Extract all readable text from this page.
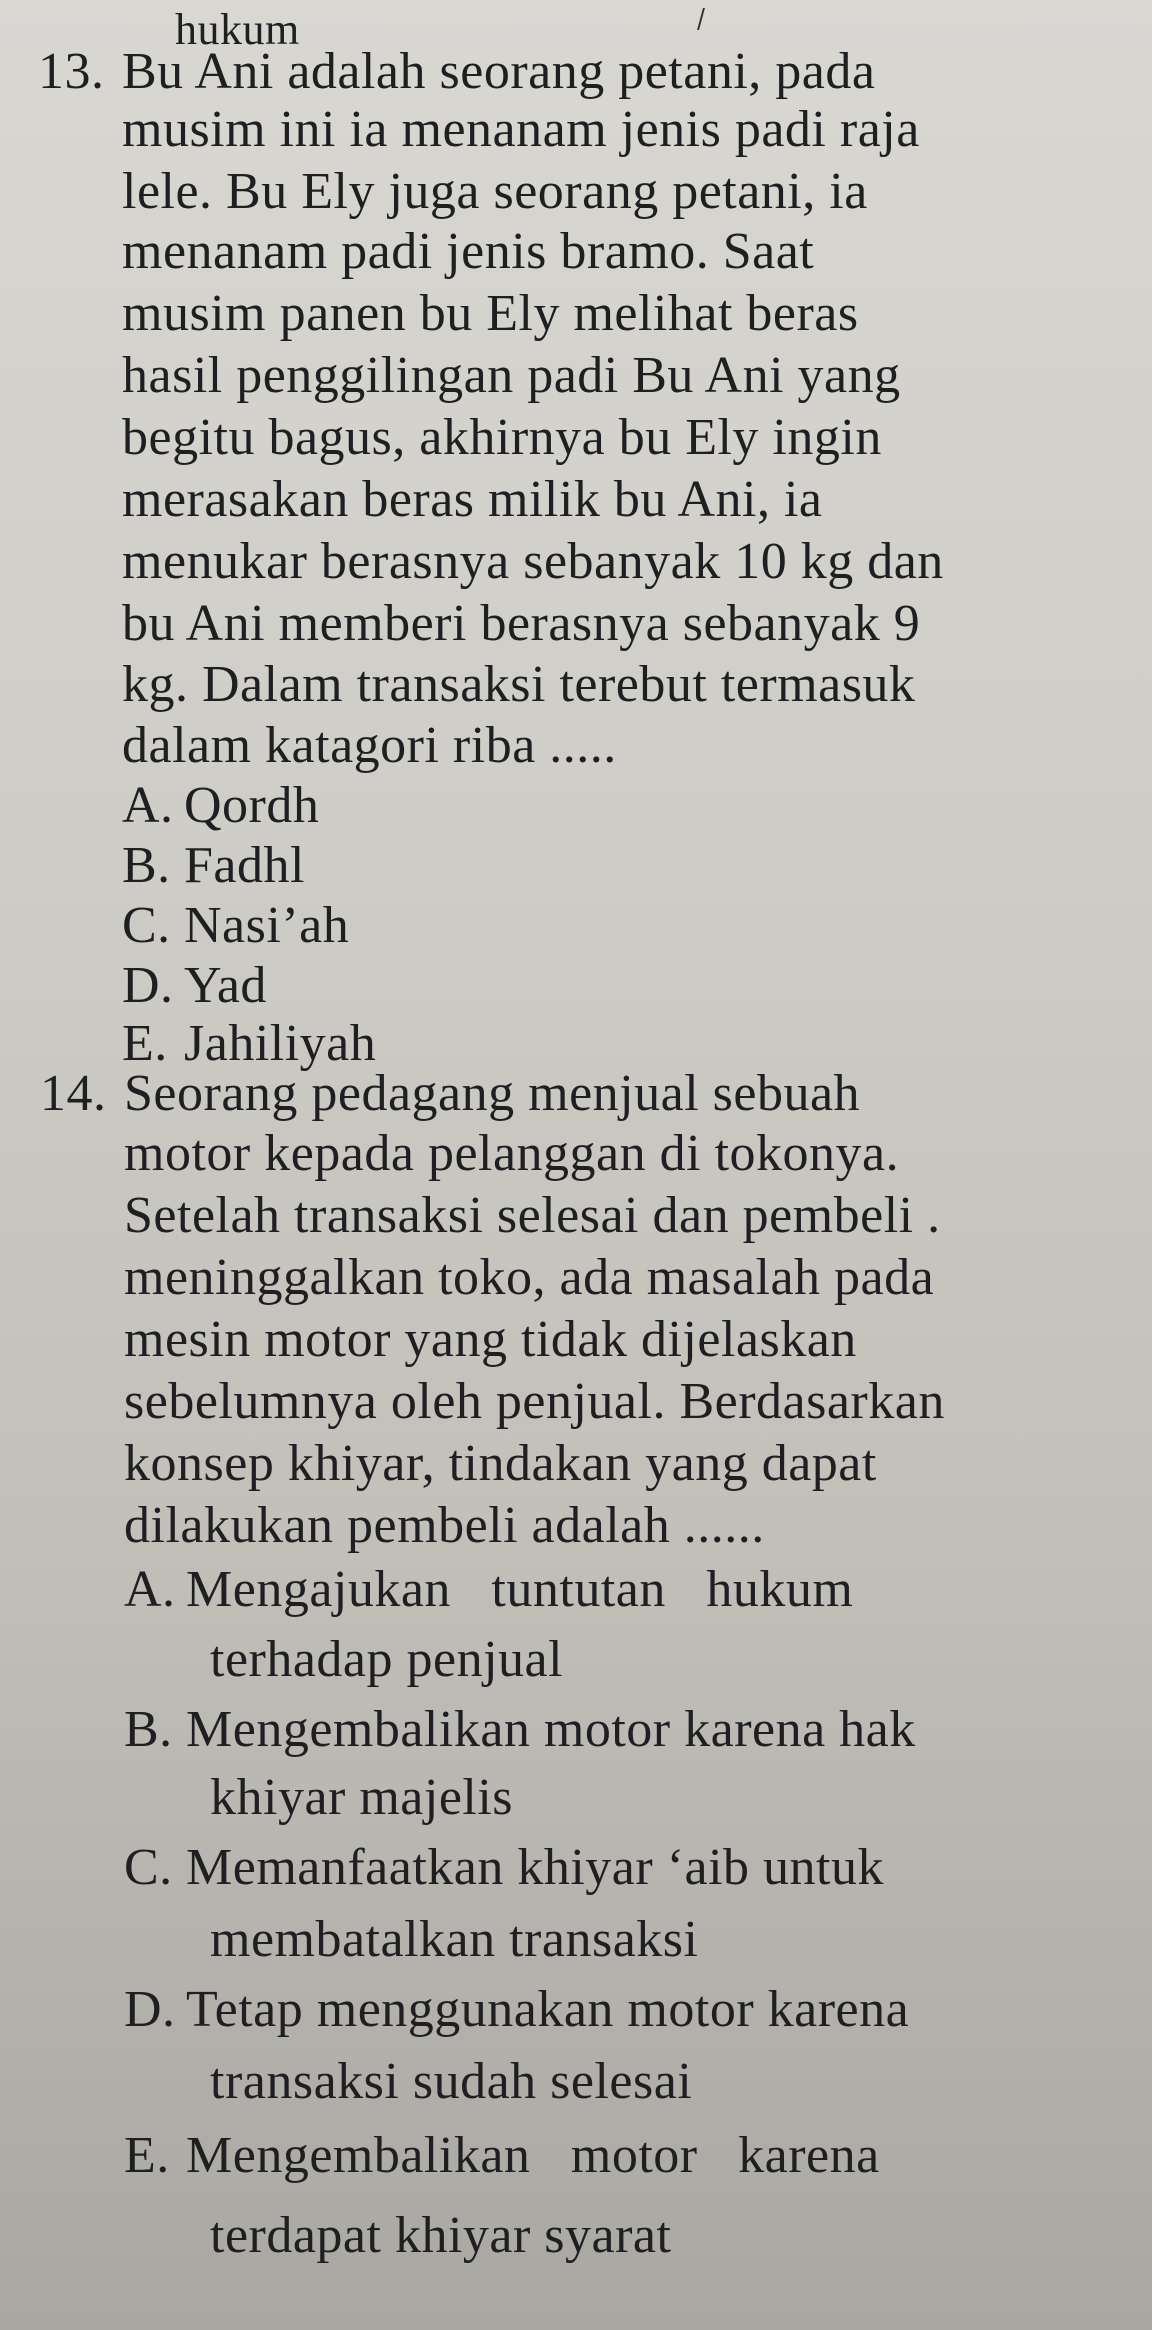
hukum
13. Bu Ani adalah seorang petani, pada
musim ini ia menanam jenis padi raja
lele. Bu Ely juga seorang petani, ia
menanam padi jenis bramo. Saat
musim panen bu Ely melihat beras
hasil penggilingan padi Bu Ani yang
begitu bagus, akhirnya bu Ely ingin
merasakan beras milik bu Ani, ia
menukar berasnya sebanyak 10 kg dan
bu Ani memberi berasnya sebanyak 9
kg. Dalam transaksi terebut termasuk
dalam katagori riba .....
A. Qordh
B. Fadhl
C. Nasi’ah
D. Yad
E. Jahiliyah
14. Seorang pedagang menjual sebuah
motor kepada pelanggan di tokonya.
Setelah transaksi selesai dan pembeli .
meninggalkan toko, ada masalah pada
mesin motor yang tidak dijelaskan
sebelumnya oleh penjual. Berdasarkan
konsep khiyar, tindakan yang dapat
dilakukan pembeli adalah ......
A. Mengajukan   tuntutan   hukum
terhadap penjual
B. Mengembalikan motor karena hak
khiyar majelis
C. Memanfaatkan khiyar ‘aib untuk
membatalkan transaksi
D. Tetap menggunakan motor karena
transaksi sudah selesai
E. Mengembalikan   motor   karena
terdapat khiyar syarat
